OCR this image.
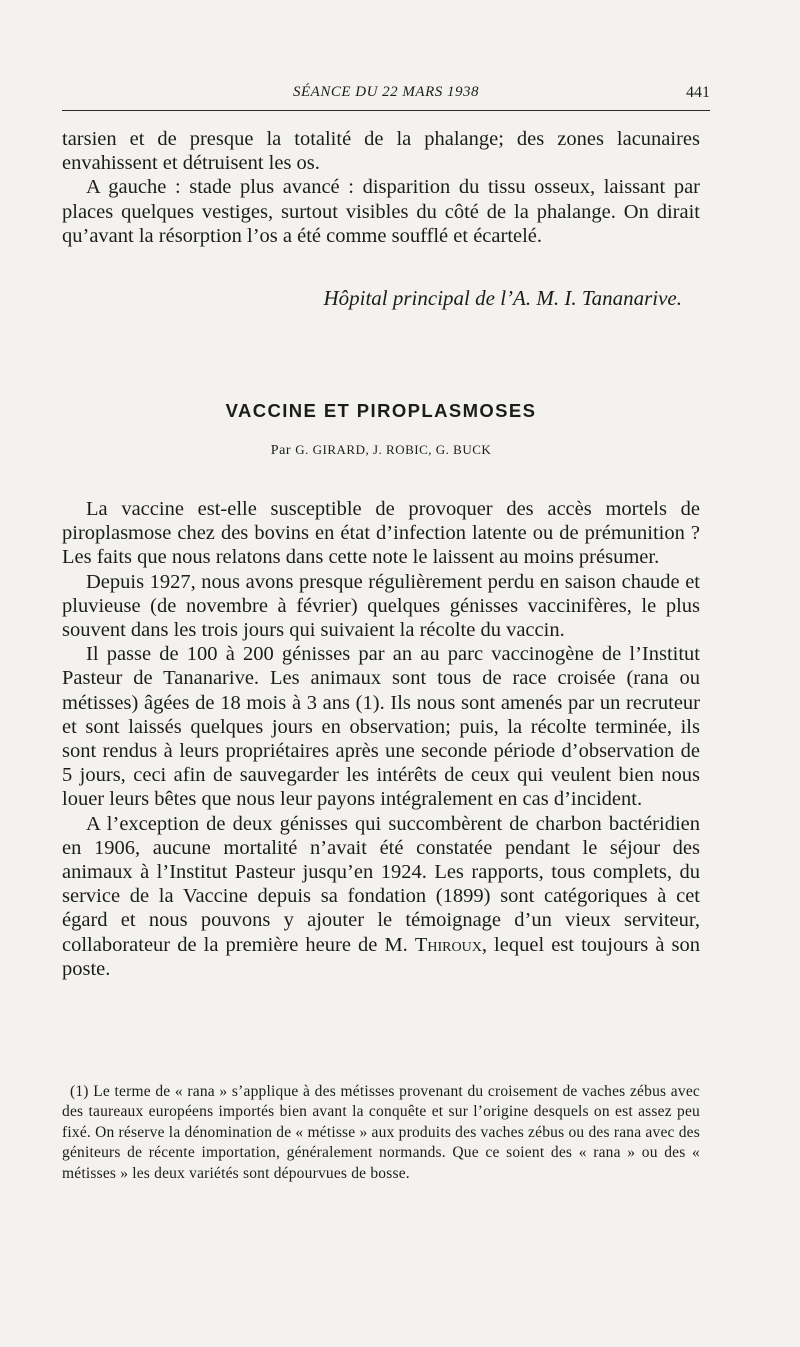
SÉANCE DU 22 MARS 1938	441

tarsien et de presque la totalité de la phalange; des zones lacunaires envahissent et détruisent les os.

A gauche : stade plus avancé : disparition du tissu osseux, laissant par places quelques vestiges, surtout visibles du côté de la phalange. On dirait qu’avant la résorption l’os a été comme soufflé et écartelé.

Hôpital principal de l’A. M. I. Tananarive.
VACCINE ET PIROPLASMOSES
Par G. GIRARD, J. ROBIC, G. BUCK

La vaccine est-elle susceptible de provoquer des accès mortels de piroplasmose chez des bovins en état d’infection latente ou de prémunition ? Les faits que nous relatons dans cette note le laissent au moins présumer.

Depuis 1927, nous avons presque régulièrement perdu en saison chaude et pluvieuse (de novembre à février) quelques génisses vaccinifères, le plus souvent dans les trois jours qui suivaient la récolte du vaccin.

Il passe de 100 à 200 génisses par an au parc vaccinogène de l’Institut Pasteur de Tananarive. Les animaux sont tous de race croisée (rana ou métisses) âgées de 18 mois à 3 ans (1). Ils nous sont amenés par un recruteur et sont laissés quelques jours en observation; puis, la récolte terminée, ils sont rendus à leurs propriétaires après une seconde période d’observation de 5 jours, ceci afin de sauvegarder les intérêts de ceux qui veulent bien nous louer leurs bêtes que nous leur payons intégralement en cas d’incident.

A l’exception de deux génisses qui succombèrent de charbon bactéridien en 1906, aucune mortalité n’avait été constatée pendant le séjour des animaux à l’Institut Pasteur jusqu’en 1924. Les rapports, tous complets, du service de la Vaccine depuis sa fondation (1899) sont catégoriques à cet égard et nous pouvons y ajouter le témoignage d’un vieux serviteur, collaborateur de la première heure de M. Thiroux, lequel est toujours à son poste.

(1) Le terme de « rana » s’applique à des métisses provenant du croisement de vaches zébus avec des taureaux européens importés bien avant la conquête et sur l’origine desquels on est assez peu fixé. On réserve la dénomination de « métisse » aux produits des vaches zébus ou des rana avec des géniteurs de récente importation, généralement normands. Que ce soient des « rana » ou des « métisses » les deux variétés sont dépourvues de bosse.
